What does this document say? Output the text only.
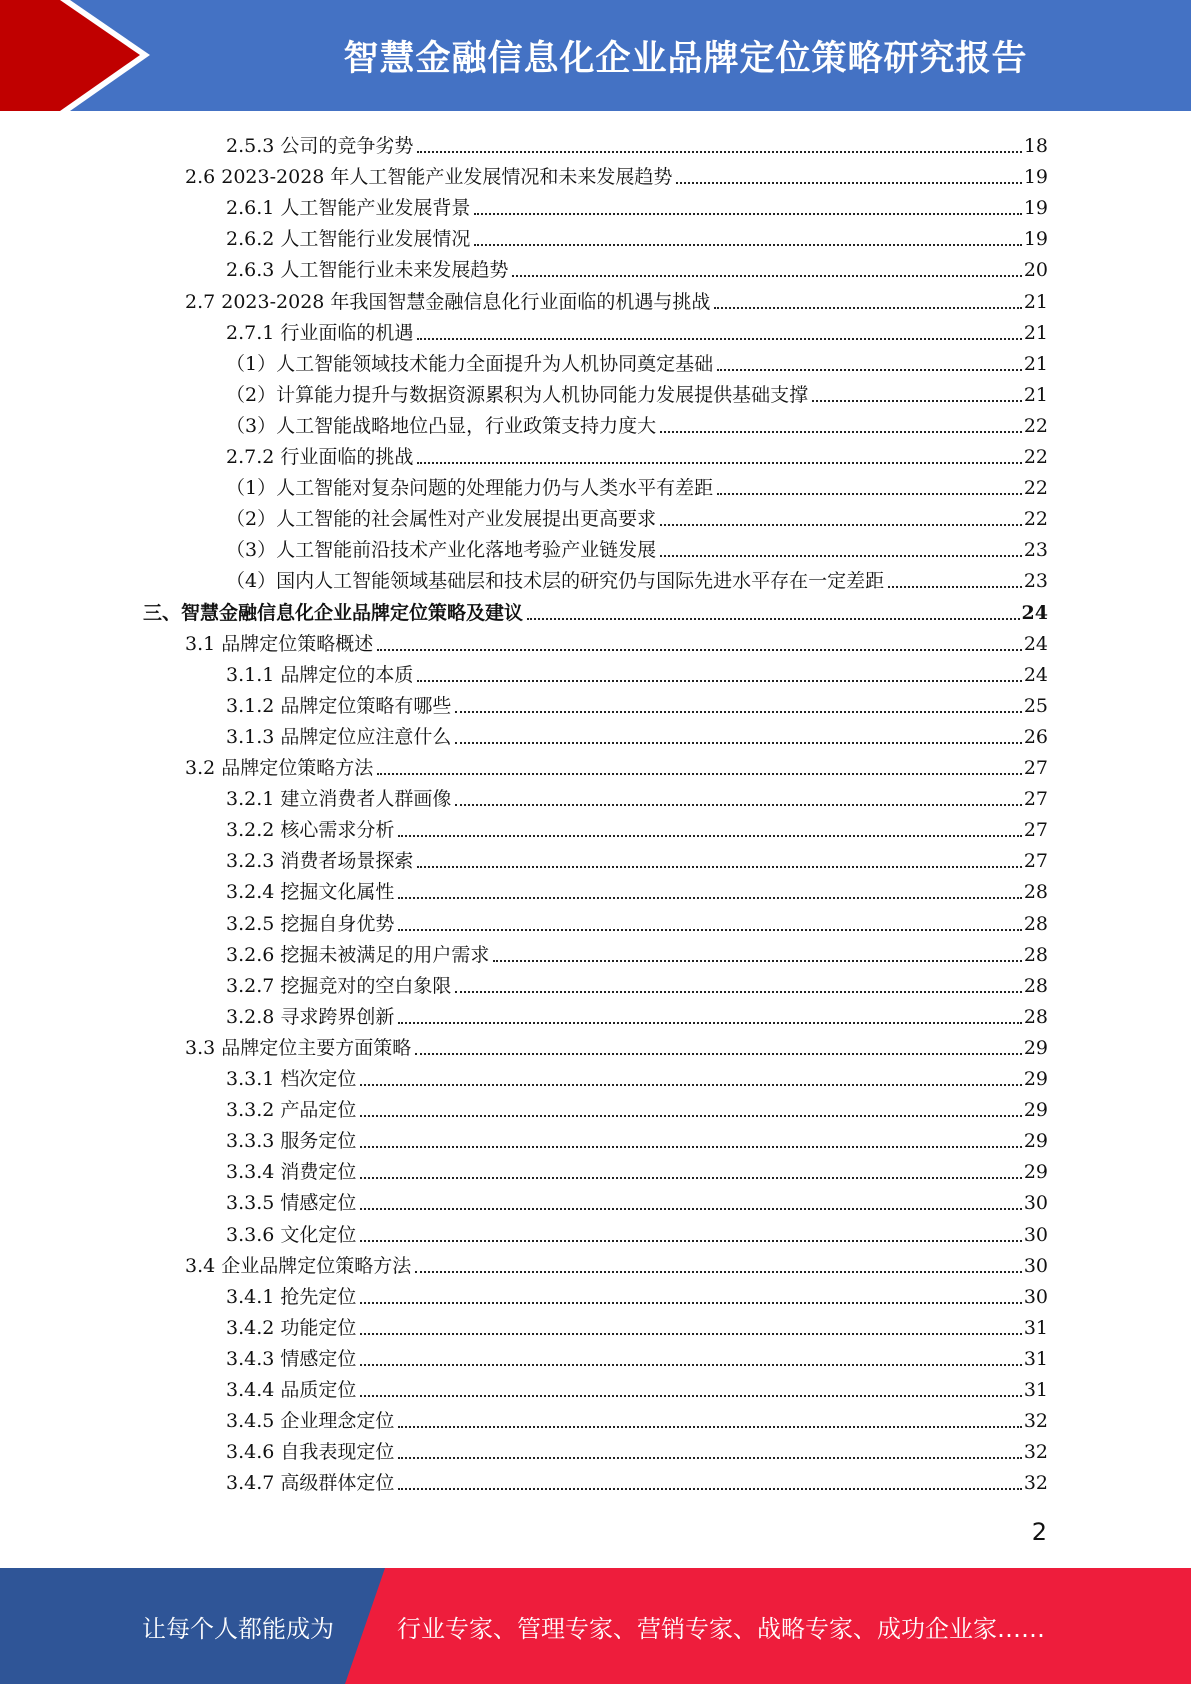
智慧金融信息化企业品牌定位策略研究报告
2.5.3 公司的竞争劣势	18
2.6 2023-2028 年人工智能产业发展情况和未来发展趋势	19
2.6.1 人工智能产业发展背景	19
2.6.2 人工智能行业发展情况	19
2.6.3 人工智能行业未来发展趋势	20
2.7 2023-2028 年我国智慧金融信息化行业面临的机遇与挑战	21
2.7.1 行业面临的机遇	21
（1）人工智能领域技术能力全面提升为人机协同奠定基础	21
（2）计算能力提升与数据资源累积为人机协同能力发展提供基础支撑	21
（3）人工智能战略地位凸显，行业政策支持力度大	22
2.7.2 行业面临的挑战	22
（1）人工智能对复杂问题的处理能力仍与人类水平有差距	22
（2）人工智能的社会属性对产业发展提出更高要求	22
（3）人工智能前沿技术产业化落地考验产业链发展	23
（4）国内人工智能领域基础层和技术层的研究仍与国际先进水平存在一定差距	23
三、智慧金融信息化企业品牌定位策略及建议	24
3.1 品牌定位策略概述	24
3.1.1 品牌定位的本质	24
3.1.2 品牌定位策略有哪些	25
3.1.3 品牌定位应注意什么	26
3.2 品牌定位策略方法	27
3.2.1 建立消费者人群画像	27
3.2.2 核心需求分析	27
3.2.3 消费者场景探索	27
3.2.4 挖掘文化属性	28
3.2.5 挖掘自身优势	28
3.2.6 挖掘未被满足的用户需求	28
3.2.7 挖掘竞对的空白象限	28
3.2.8 寻求跨界创新	28
3.3 品牌定位主要方面策略	29
3.3.1 档次定位	29
3.3.2 产品定位	29
3.3.3 服务定位	29
3.3.4 消费定位	29
3.3.5 情感定位	30
3.3.6 文化定位	30
3.4 企业品牌定位策略方法	30
3.4.1 抢先定位	30
3.4.2 功能定位	31
3.4.3 情感定位	31
3.4.4 品质定位	31
3.4.5 企业理念定位	32
3.4.6 自我表现定位	32
3.4.7 高级群体定位	32
2
让每个人都能成为	行业专家、管理专家、营销专家、战略专家、成功企业家……
